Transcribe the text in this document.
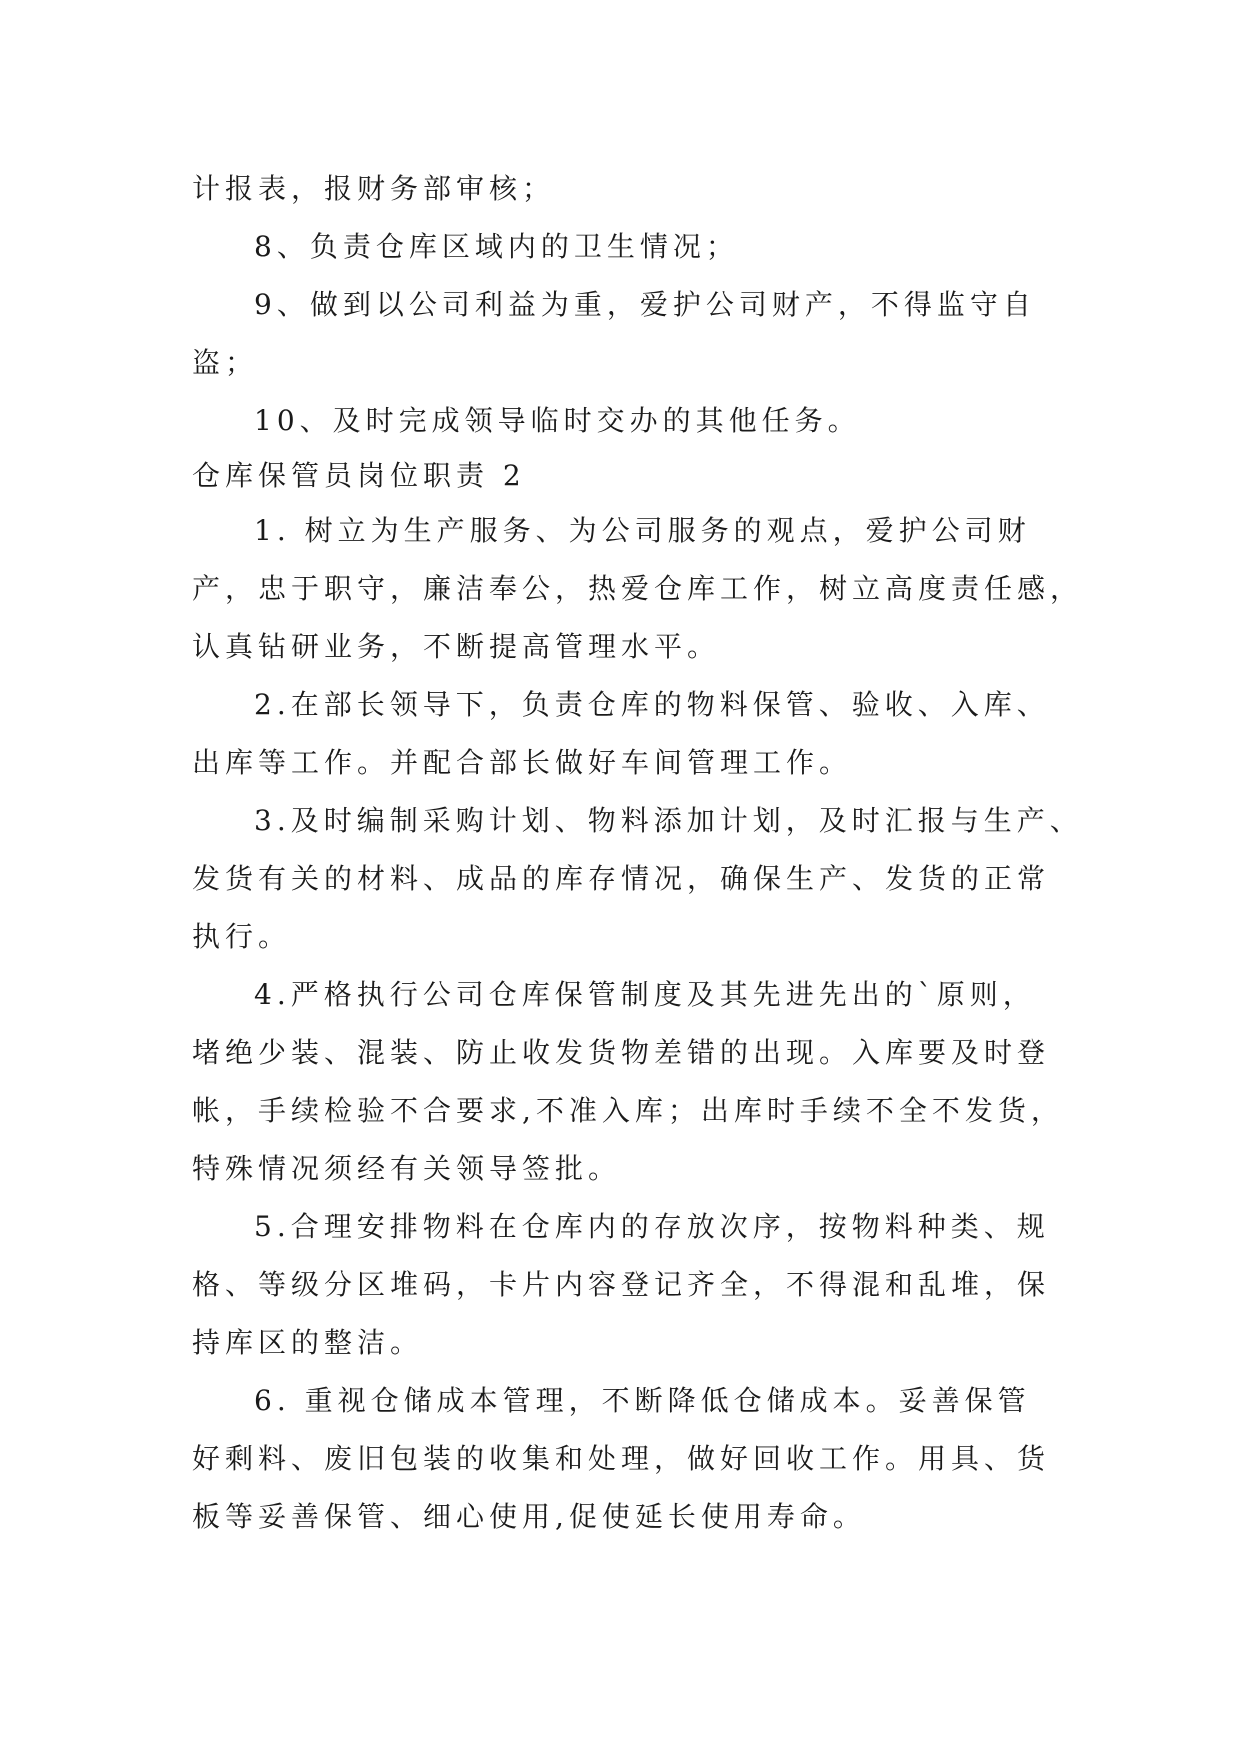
计报表，报财务部审核；
8、负责仓库区域内的卫生情况；
9、做到以公司利益为重，爱护公司财产，不得监守自
盗；
10、及时完成领导临时交办的其他任务。
仓库保管员岗位职责 2
1. 树立为生产服务、为公司服务的观点，爱护公司财
产，忠于职守，廉洁奉公，热爱仓库工作，树立高度责任感，
认真钻研业务，不断提高管理水平。
2.在部长领导下，负责仓库的物料保管、验收、入库、
出库等工作。并配合部长做好车间管理工作。
3.及时编制采购计划、物料添加计划，及时汇报与生产、
发货有关的材料、成品的库存情况，确保生产、发货的正常
执行。
4.严格执行公司仓库保管制度及其先进先出的`原则，
堵绝少装、混装、防止收发货物差错的出现。入库要及时登
帐，手续检验不合要求,不准入库；出库时手续不全不发货，
特殊情况须经有关领导签批。
5.合理安排物料在仓库内的存放次序，按物料种类、规
格、等级分区堆码，卡片内容登记齐全，不得混和乱堆，保
持库区的整洁。
6. 重视仓储成本管理，不断降低仓储成本。妥善保管
好剩料、废旧包装的收集和处理，做好回收工作。用具、货
板等妥善保管、细心使用,促使延长使用寿命。
